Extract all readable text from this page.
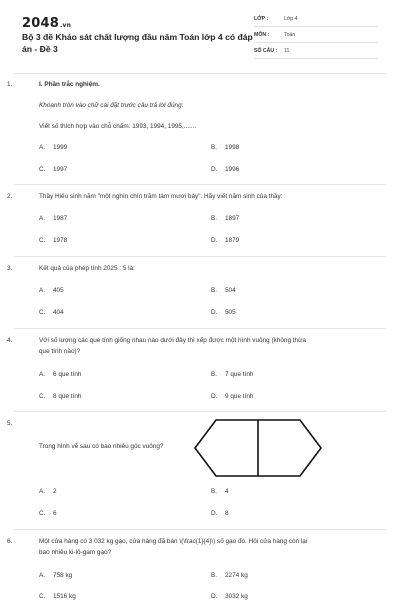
2048.vn
Bộ 3 đề Khảo sát chất lượng đầu năm Toán lớp 4 có đáp án - Đề 3
LỚP :	Lớp 4
MÔN :	Toán
SỐ CÂU : 11
1.	I. Phần trắc nghiệm.
Khoanh tròn vào chữ cái đặt trước câu trả lời đúng:
Viết số thích hợp vào chỗ chấm: 1993, 1994, 1995,.......
A. 1999	B. 1998
C. 1997	D. 1996
2.	Thầy Hiếu sinh năm "một nghìn chín trăm tám mươi bảy". Hãy viết năm sinh của thầy:
A. 1987	B. 1897
C. 1978	D. 1879
3.	Kết quả của phép tính 2025 : 5 là:
A. 405	B. 504
C. 404	D. 505
4.	Với số lượng các que tính giống nhau nào dưới đây thì xếp được một hình vuông (không thừa
que tính nào)?
A. 6 que tính	B. 7 que tính
C. 8 que tính	D. 9 que tính
5.
Trong hình vẽ sau có bao nhiêu góc vuông?
A. 2	B. 4
C. 6	D. 8
6.	Một cửa hàng có 3 032 kg gạo, cửa hàng đã bán \(\frac{1}{4}\) số gạo đó. Hỏi cửa hàng còn lại
bao nhiêu ki-lô-gam gạo?
A. 758 kg	B. 2274 kg
C. 1516 kg	D. 3032 kg
